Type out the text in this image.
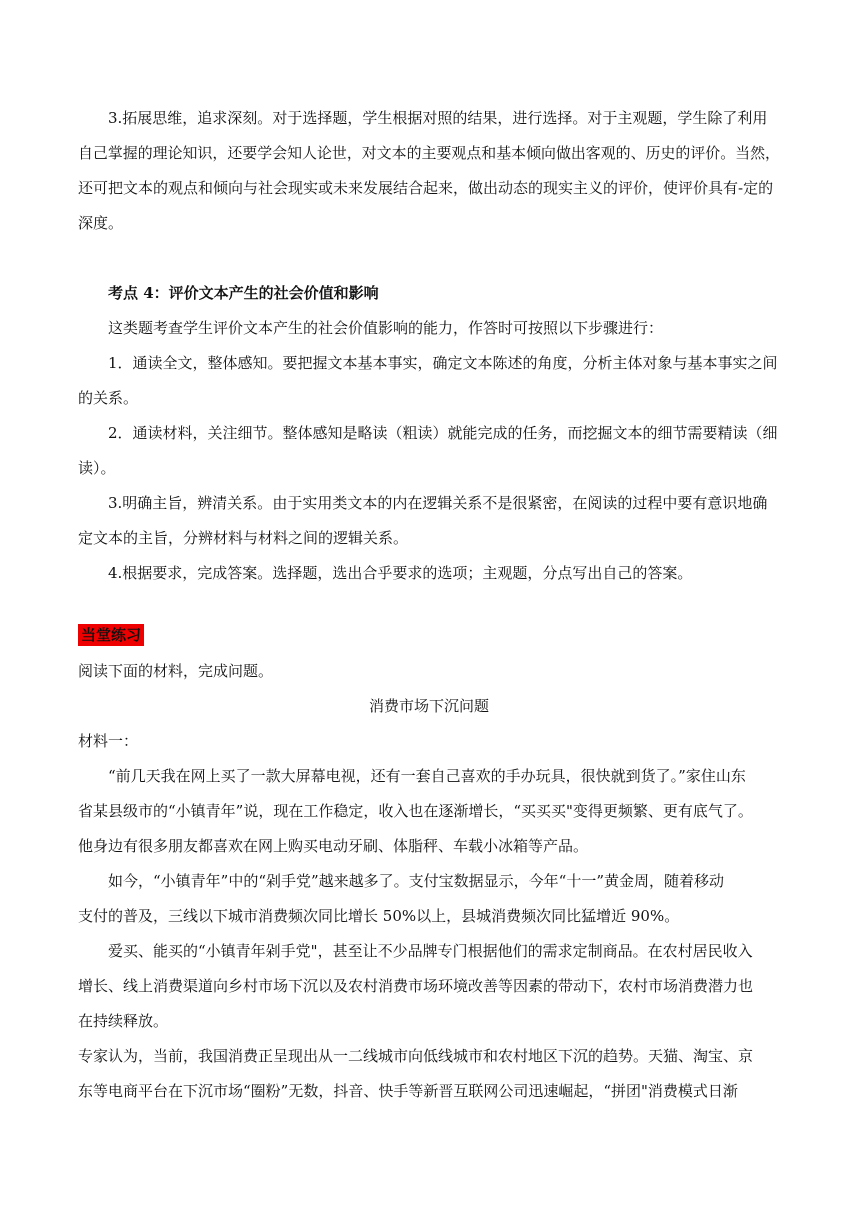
3.拓展思维，追求深刻。对于选择题，学生根据对照的结果，进行选择。对于主观题，学生除了利用
自己掌握的理论知识，还要学会知人论世，对文本的主要观点和基本倾向做出客观的、历史的评价。当然，
还可把文本的观点和倾向与社会现实或未来发展结合起来，做出动态的现实主义的评价，使评价具有-定的
深度。
考点 4：评价文本产生的社会价值和影响
这类题考查学生评价文本产生的社会价值影响的能力，作答时可按照以下步骤进行：
1．通读全文，整体感知。要把握文本基本事实，确定文本陈述的角度，分析主体对象与基本事实之间
的关系。
2．通读材料，关注细节。整体感知是略读（粗读）就能完成的任务，而挖掘文本的细节需要精读（细
读）。
3.明确主旨，辨清关系。由于实用类文本的内在逻辑关系不是很紧密，在阅读的过程中要有意识地确
定文本的主旨，分辨材料与材料之间的逻辑关系。
4.根据要求，完成答案。选择题，选出合乎要求的选项；主观题，分点写出自己的答案。
当堂练习
阅读下面的材料，完成问题。
消费市场下沉问题
材料一：
“前几天我在网上买了一款大屏幕电视，还有一套自己喜欢的手办玩具，很快就到货了。”家住山东
省某县级市的“小镇青年”说，现在工作稳定，收入也在逐渐增长，“买买买"变得更频繁、更有底气了。
他身边有很多朋友都喜欢在网上购买电动牙刷、体脂秤、车载小冰箱等产品。
如今，“小镇青年”中的“剁手党”越来越多了。支付宝数据显示，今年“十一”黄金周，随着移动
支付的普及，三线以下城市消费频次同比增长 50%以上，县城消费频次同比猛增近 90%。
爱买、能买的“小镇青年剁手党"，甚至让不少品牌专门根据他们的需求定制商品。在农村居民收入
增长、线上消费渠道向乡村市场下沉以及农村消费市场环境改善等因素的带动下，农村市场消费潜力也
在持续释放。
专家认为，当前，我国消费正呈现出从一二线城市向低线城市和农村地区下沉的趋势。天猫、淘宝、京
东等电商平台在下沉市场“圈粉”无数，抖音、快手等新晋互联网公司迅速崛起，“拼团"消费模式日渐
